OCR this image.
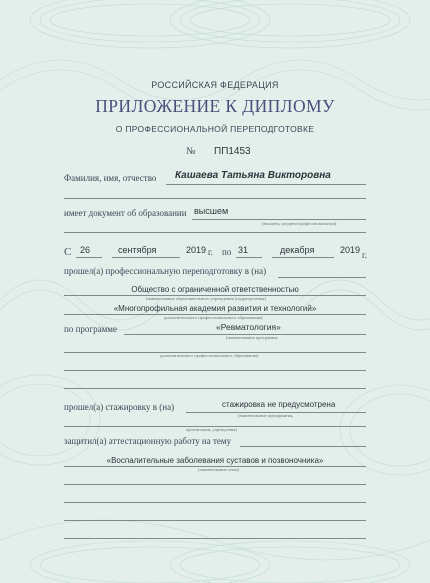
РОССИЙСКАЯ ФЕДЕРАЦИЯ
ПРИЛОЖЕНИЕ К ДИПЛОМУ
О ПРОФЕССИОНАЛЬНОЙ ПЕРЕПОДГОТОВКЕ
№ ПП1453
Фамилия, имя, отчество Кашаева Татьяна Викторовна
имеет документ об образовании высшем
(высшем, среднем профессиональном)
С 26	сентября	2019 г. по 31	декабря	2019 г.
прошел(а) профессиональную переподготовку в (на)
Общество с ограниченной ответственностью
(наименование образовательного учреждения (подразделения)
«Многопрофильная академия развития и технологий»
дополнительного профессионального образования)
по программе	«Ревматология»
(наименование программы
дополнительного профессионального образования)
прошел(а) стажировку в (на)	стажировка не предусмотрена
(наименование предприятия,
организации, учреждения)
защитил(а) аттестационную работу на тему
«Воспалительные заболевания суставов и позвоночника»
(наименование темы)
